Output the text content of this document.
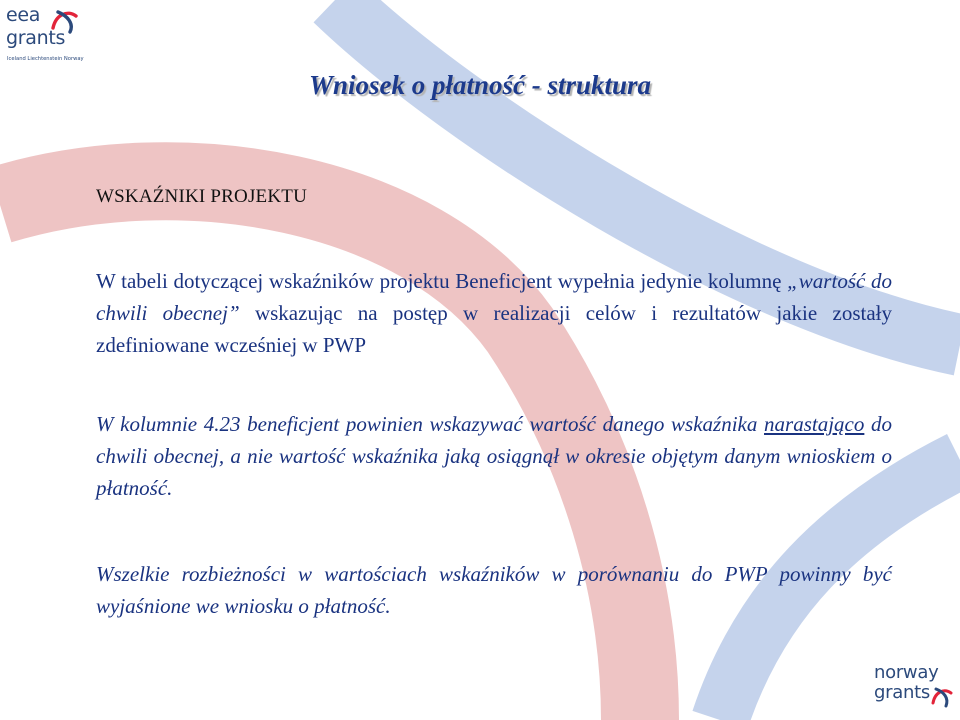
eea
grants
Iceland Liechtenstein Norway
Wniosek o płatność - struktura
WSKAŹNIKI PROJEKTU
W tabeli dotyczącej wskaźników projektu Beneficjent wypełnia jedynie kolumnę „wartość do chwili obecnej” wskazując na postęp w realizacji celów i rezultatów jakie zostały zdefiniowane wcześniej w PWP
W kolumnie 4.23 beneficjent powinien wskazywać wartość danego wskaźnika narastająco do chwili obecnej, a nie wartość wskaźnika jaką osiągnął w okresie objętym danym wnioskiem o płatność.
Wszelkie rozbieżności w wartościach wskaźników w porównaniu do PWP powinny być wyjaśnione we wniosku o płatność.
norway
grants
